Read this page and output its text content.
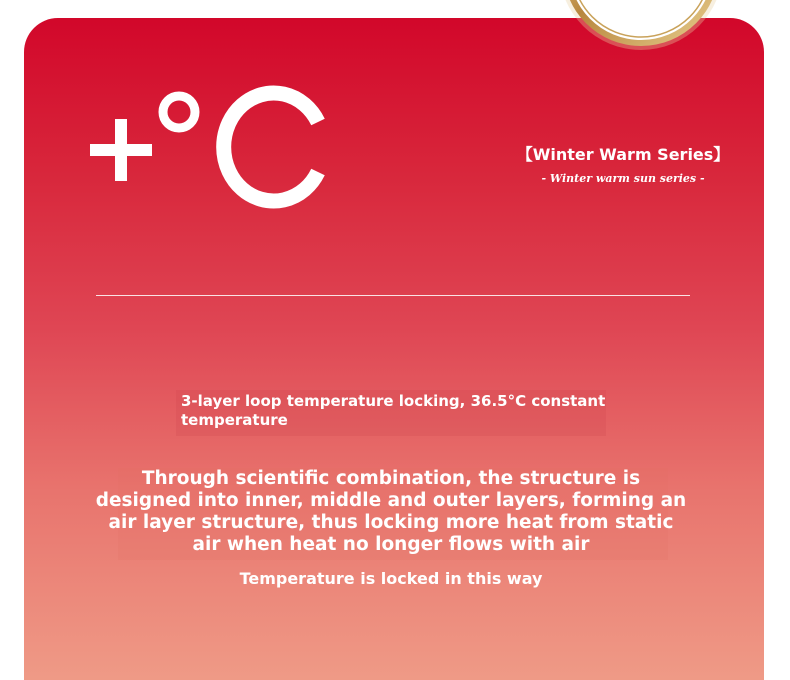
【Winter Warm Series】
- Winter warm sun series -
3-layer loop temperature locking, 36.5°C constant temperature
Through scientific combination, the structure is designed into inner, middle and outer layers, forming an air layer structure, thus locking more heat from static air when heat no longer flows with air
Temperature is locked in this way
